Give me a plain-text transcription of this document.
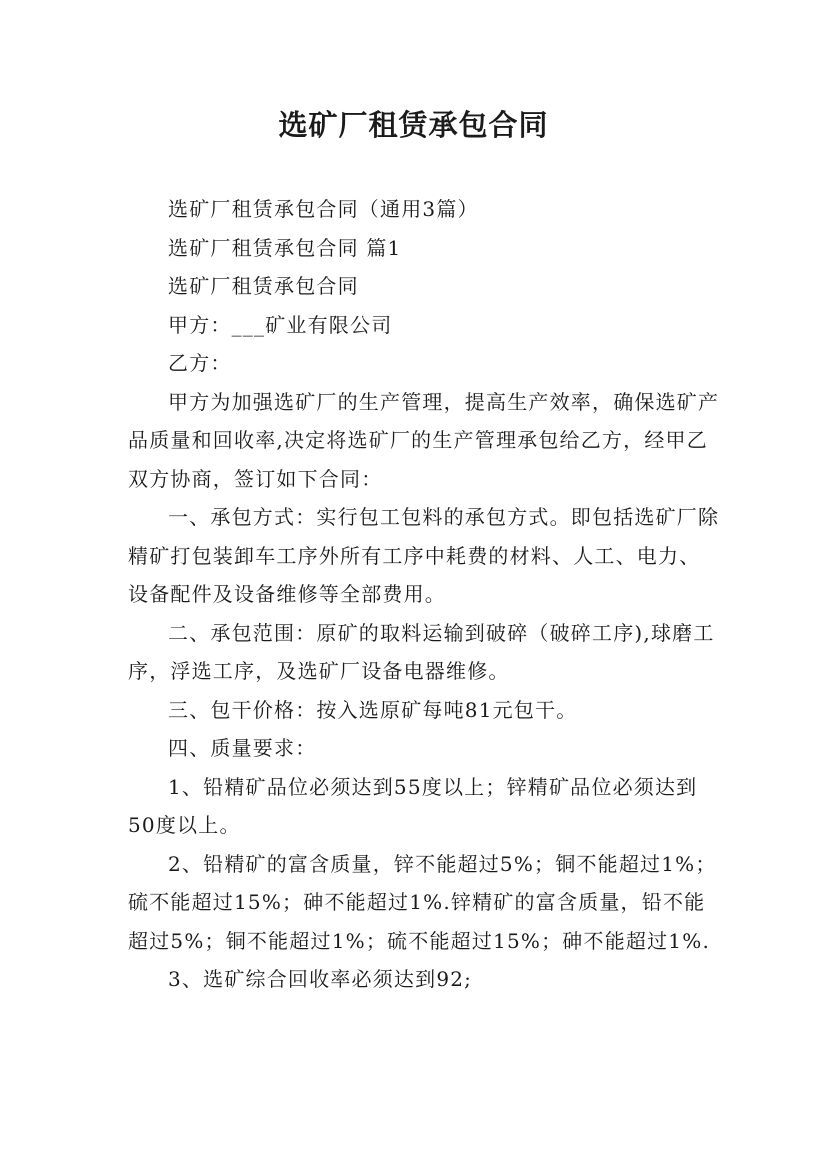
选矿厂租赁承包合同

选矿厂租赁承包合同（通用3篇）

选矿厂租赁承包合同 篇1

选矿厂租赁承包合同

甲方：___矿业有限公司

乙方：

甲方为加强选矿厂的生产管理，提高生产效率，确保选矿产品质量和回收率,决定将选矿厂的生产管理承包给乙方，经甲乙双方协商，签订如下合同：

一、承包方式：实行包工包料的承包方式。即包括选矿厂除精矿打包装卸车工序外所有工序中耗费的材料、人工、电力、设备配件及设备维修等全部费用。

二、承包范围：原矿的取料运输到破碎（破碎工序),球磨工序，浮选工序，及选矿厂设备电器维修。

三、包干价格：按入选原矿每吨81元包干。

四、质量要求：

1、铅精矿品位必须达到55度以上；锌精矿品位必须达到50度以上。

2、铅精矿的富含质量，锌不能超过5%；铜不能超过1%；硫不能超过15%；砷不能超过1%.锌精矿的富含质量，铅不能超过5%；铜不能超过1%；硫不能超过15%；砷不能超过1%.

3、选矿综合回收率必须达到92;
